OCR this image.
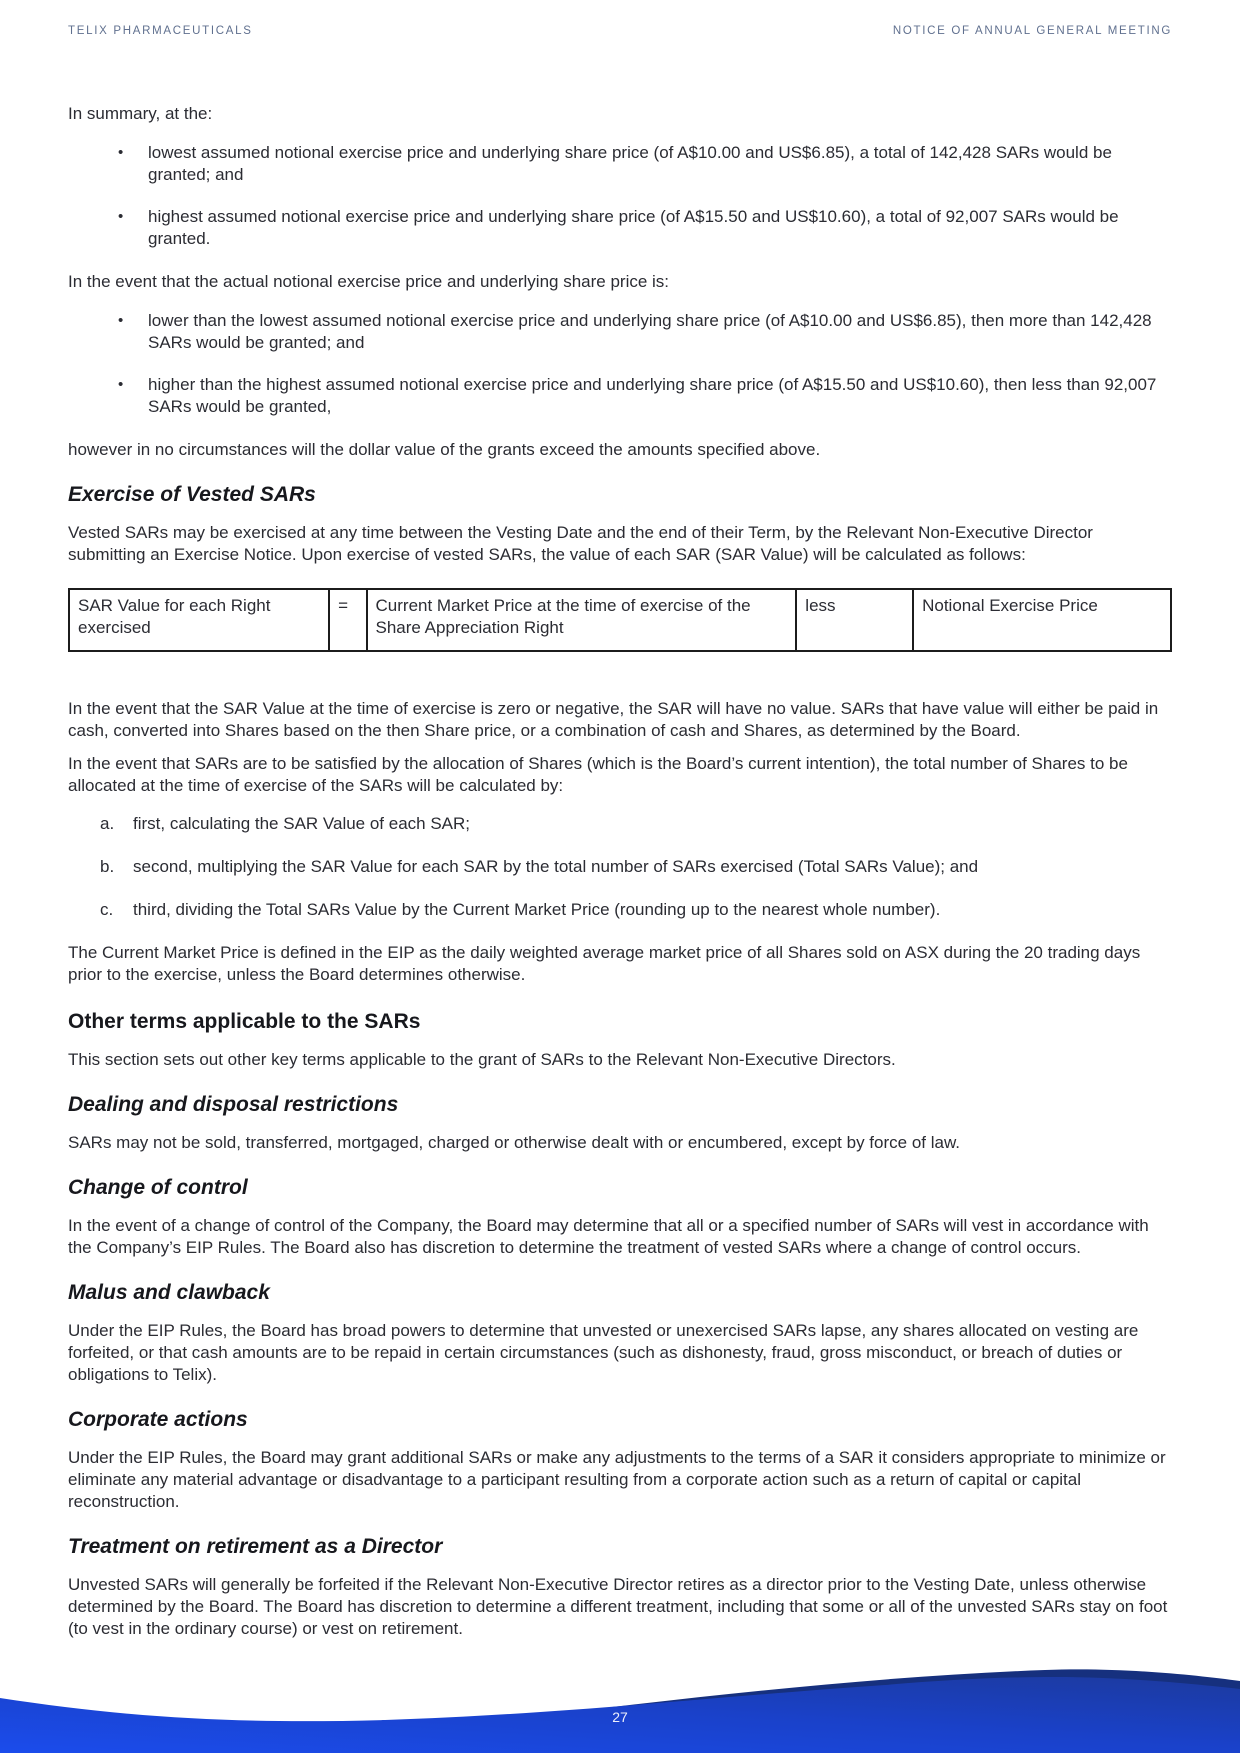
TELIX PHARMACEUTICALS	NOTICE OF ANNUAL GENERAL MEETING

In summary, at the:

•	lowest assumed notional exercise price and underlying share price (of A$10.00 and US$6.85), a total of 142,428 SARs would be granted; and
•	highest assumed notional exercise price and underlying share price (of A$15.50 and US$10.60), a total of 92,007 SARs would be granted.

In the event that the actual notional exercise price and underlying share price is:

•	lower than the lowest assumed notional exercise price and underlying share price (of A$10.00 and US$6.85), then more than 142,428 SARs would be granted; and
•	higher than the highest assumed notional exercise price and underlying share price (of A$15.50 and US$10.60), then less than 92,007 SARs would be granted,

however in no circumstances will the dollar value of the grants exceed the amounts specified above.

Exercise of Vested SARs

Vested SARs may be exercised at any time between the Vesting Date and the end of their Term, by the Relevant Non-Executive Director submitting an Exercise Notice. Upon exercise of vested SARs, the value of each SAR (SAR Value) will be calculated as follows:

SAR Value for each Right exercised	=	Current Market Price at the time of exercise of the Share Appreciation Right	less	Notional Exercise Price

In the event that the SAR Value at the time of exercise is zero or negative, the SAR will have no value. SARs that have value will either be paid in cash, converted into Shares based on the then Share price, or a combination of cash and Shares, as determined by the Board.

In the event that SARs are to be satisfied by the allocation of Shares (which is the Board’s current intention), the total number of Shares to be allocated at the time of exercise of the SARs will be calculated by:

a.	first, calculating the SAR Value of each SAR;
b.	second, multiplying the SAR Value for each SAR by the total number of SARs exercised (Total SARs Value); and
c.	third, dividing the Total SARs Value by the Current Market Price (rounding up to the nearest whole number).

The Current Market Price is defined in the EIP as the daily weighted average market price of all Shares sold on ASX during the 20 trading days prior to the exercise, unless the Board determines otherwise.

Other terms applicable to the SARs

This section sets out other key terms applicable to the grant of SARs to the Relevant Non-Executive Directors.

Dealing and disposal restrictions

SARs may not be sold, transferred, mortgaged, charged or otherwise dealt with or encumbered, except by force of law.

Change of control

In the event of a change of control of the Company, the Board may determine that all or a specified number of SARs will vest in accordance with the Company’s EIP Rules. The Board also has discretion to determine the treatment of vested SARs where a change of control occurs.

Malus and clawback

Under the EIP Rules, the Board has broad powers to determine that unvested or unexercised SARs lapse, any shares allocated on vesting are forfeited, or that cash amounts are to be repaid in certain circumstances (such as dishonesty, fraud, gross misconduct, or breach of duties or obligations to Telix).

Corporate actions

Under the EIP Rules, the Board may grant additional SARs or make any adjustments to the terms of a SAR it considers appropriate to minimize or eliminate any material advantage or disadvantage to a participant resulting from a corporate action such as a return of capital or capital reconstruction.

Treatment on retirement as a Director

Unvested SARs will generally be forfeited if the Relevant Non-Executive Director retires as a director prior to the Vesting Date, unless otherwise determined by the Board. The Board has discretion to determine a different treatment, including that some or all of the unvested SARs stay on foot (to vest in the ordinary course) or vest on retirement.

27
